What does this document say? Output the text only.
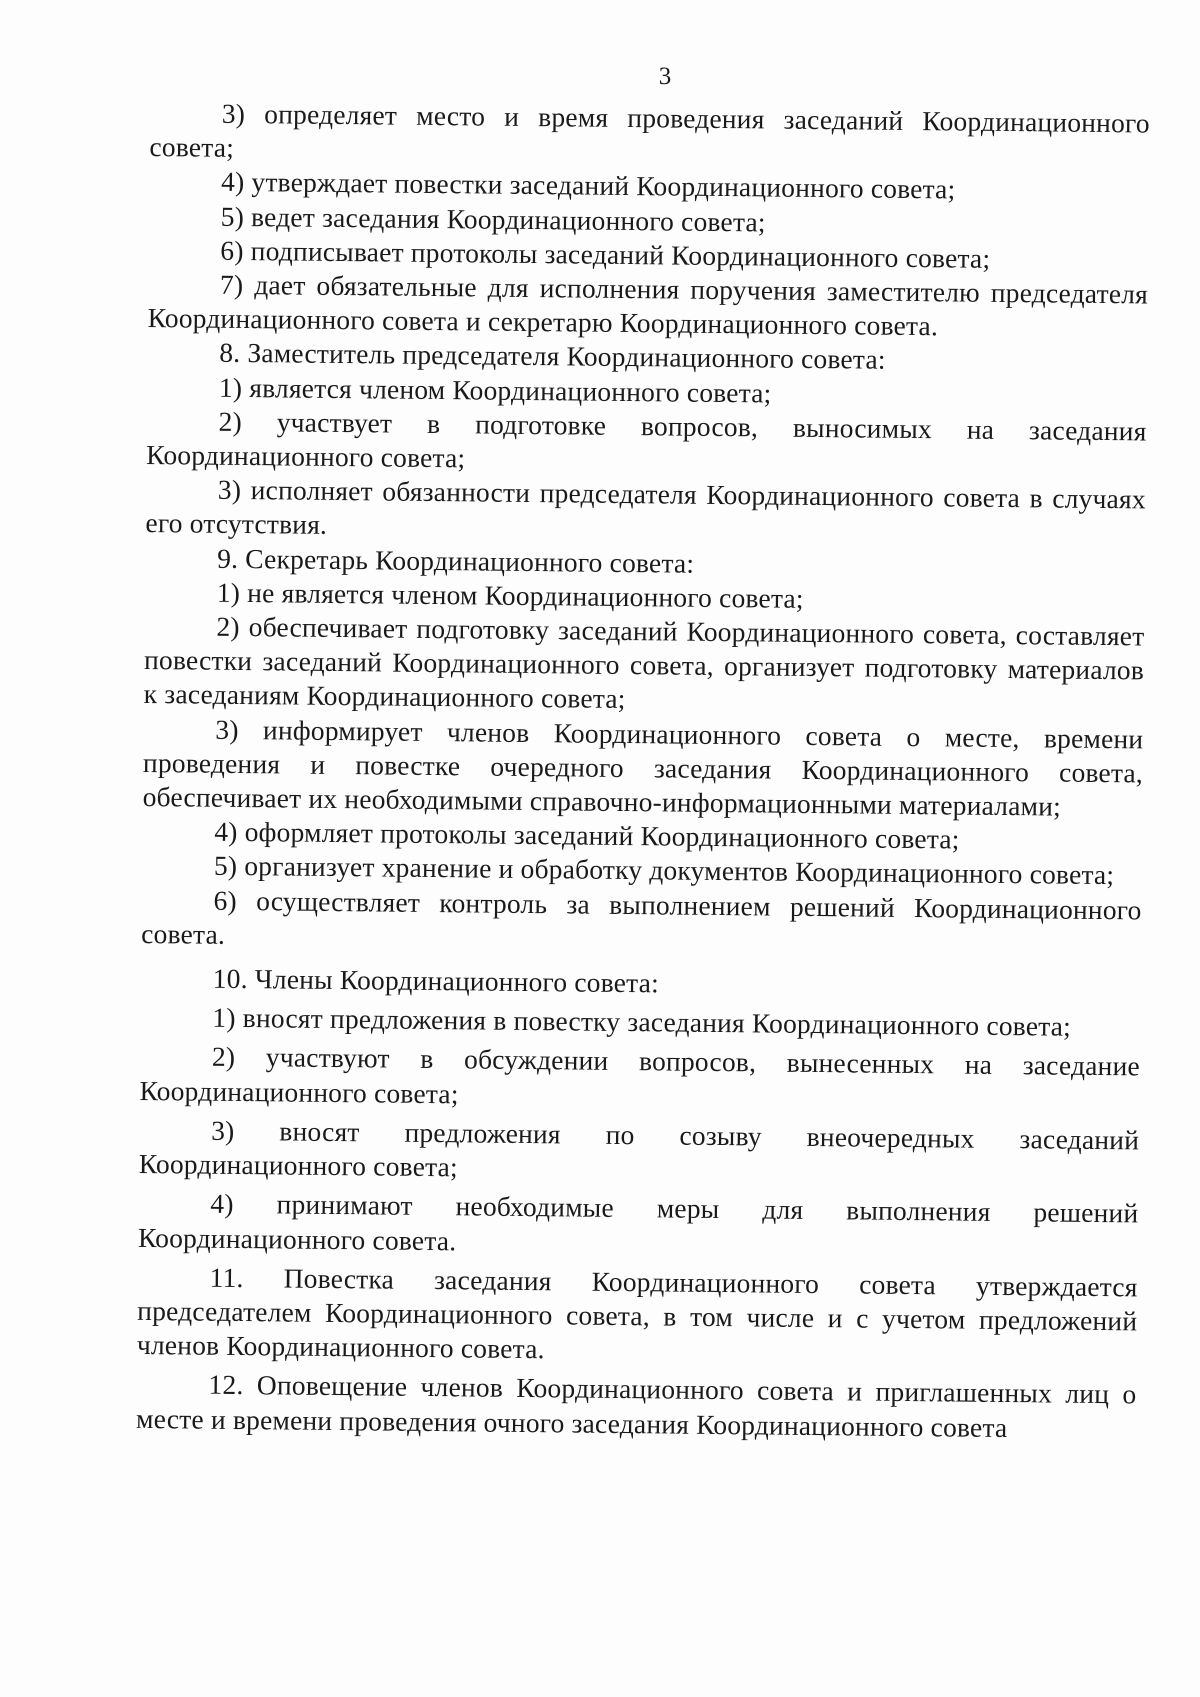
3

3) определяет место и время проведения заседаний Координационного совета;

4) утверждает повестки заседаний Координационного совета;

5) ведет заседания Координационного совета;

6) подписывает протоколы заседаний Координационного совета;

7) дает обязательные для исполнения поручения заместителю председателя Координационного совета и секретарю Координационного совета.

8. Заместитель председателя Координационного совета:

1) является членом Координационного совета;

2) участвует в подготовке вопросов, выносимых на заседания Координационного совета;

3) исполняет обязанности председателя Координационного совета в случаях его отсутствия.

9. Секретарь Координационного совета:

1) не является членом Координационного совета;

2) обеспечивает подготовку заседаний Координационного совета, составляет повестки заседаний Координационного совета, организует подготовку материалов к заседаниям Координационного совета;

3) информирует членов Координационного совета о месте, времени проведения и повестке очередного заседания Координационного совета, обеспечивает их необходимыми справочно-информационными материалами;

4) оформляет протоколы заседаний Координационного совета;

5) организует хранение и обработку документов Координационного совета;

6) осуществляет контроль за выполнением решений Координационного совета.

10. Члены Координационного совета:

1) вносят предложения в повестку заседания Координационного совета;

2) участвуют в обсуждении вопросов, вынесенных на заседание Координационного совета;

3) вносят предложения по созыву внеочередных заседаний Координационного совета;

4) принимают необходимые меры для выполнения решений Координационного совета.

11. Повестка заседания Координационного совета утверждается председателем Координационного совета, в том числе и с учетом предложений членов Координационного совета.

12. Оповещение членов Координационного совета и приглашенных лиц о месте и времени проведения очного заседания Координационного совета
